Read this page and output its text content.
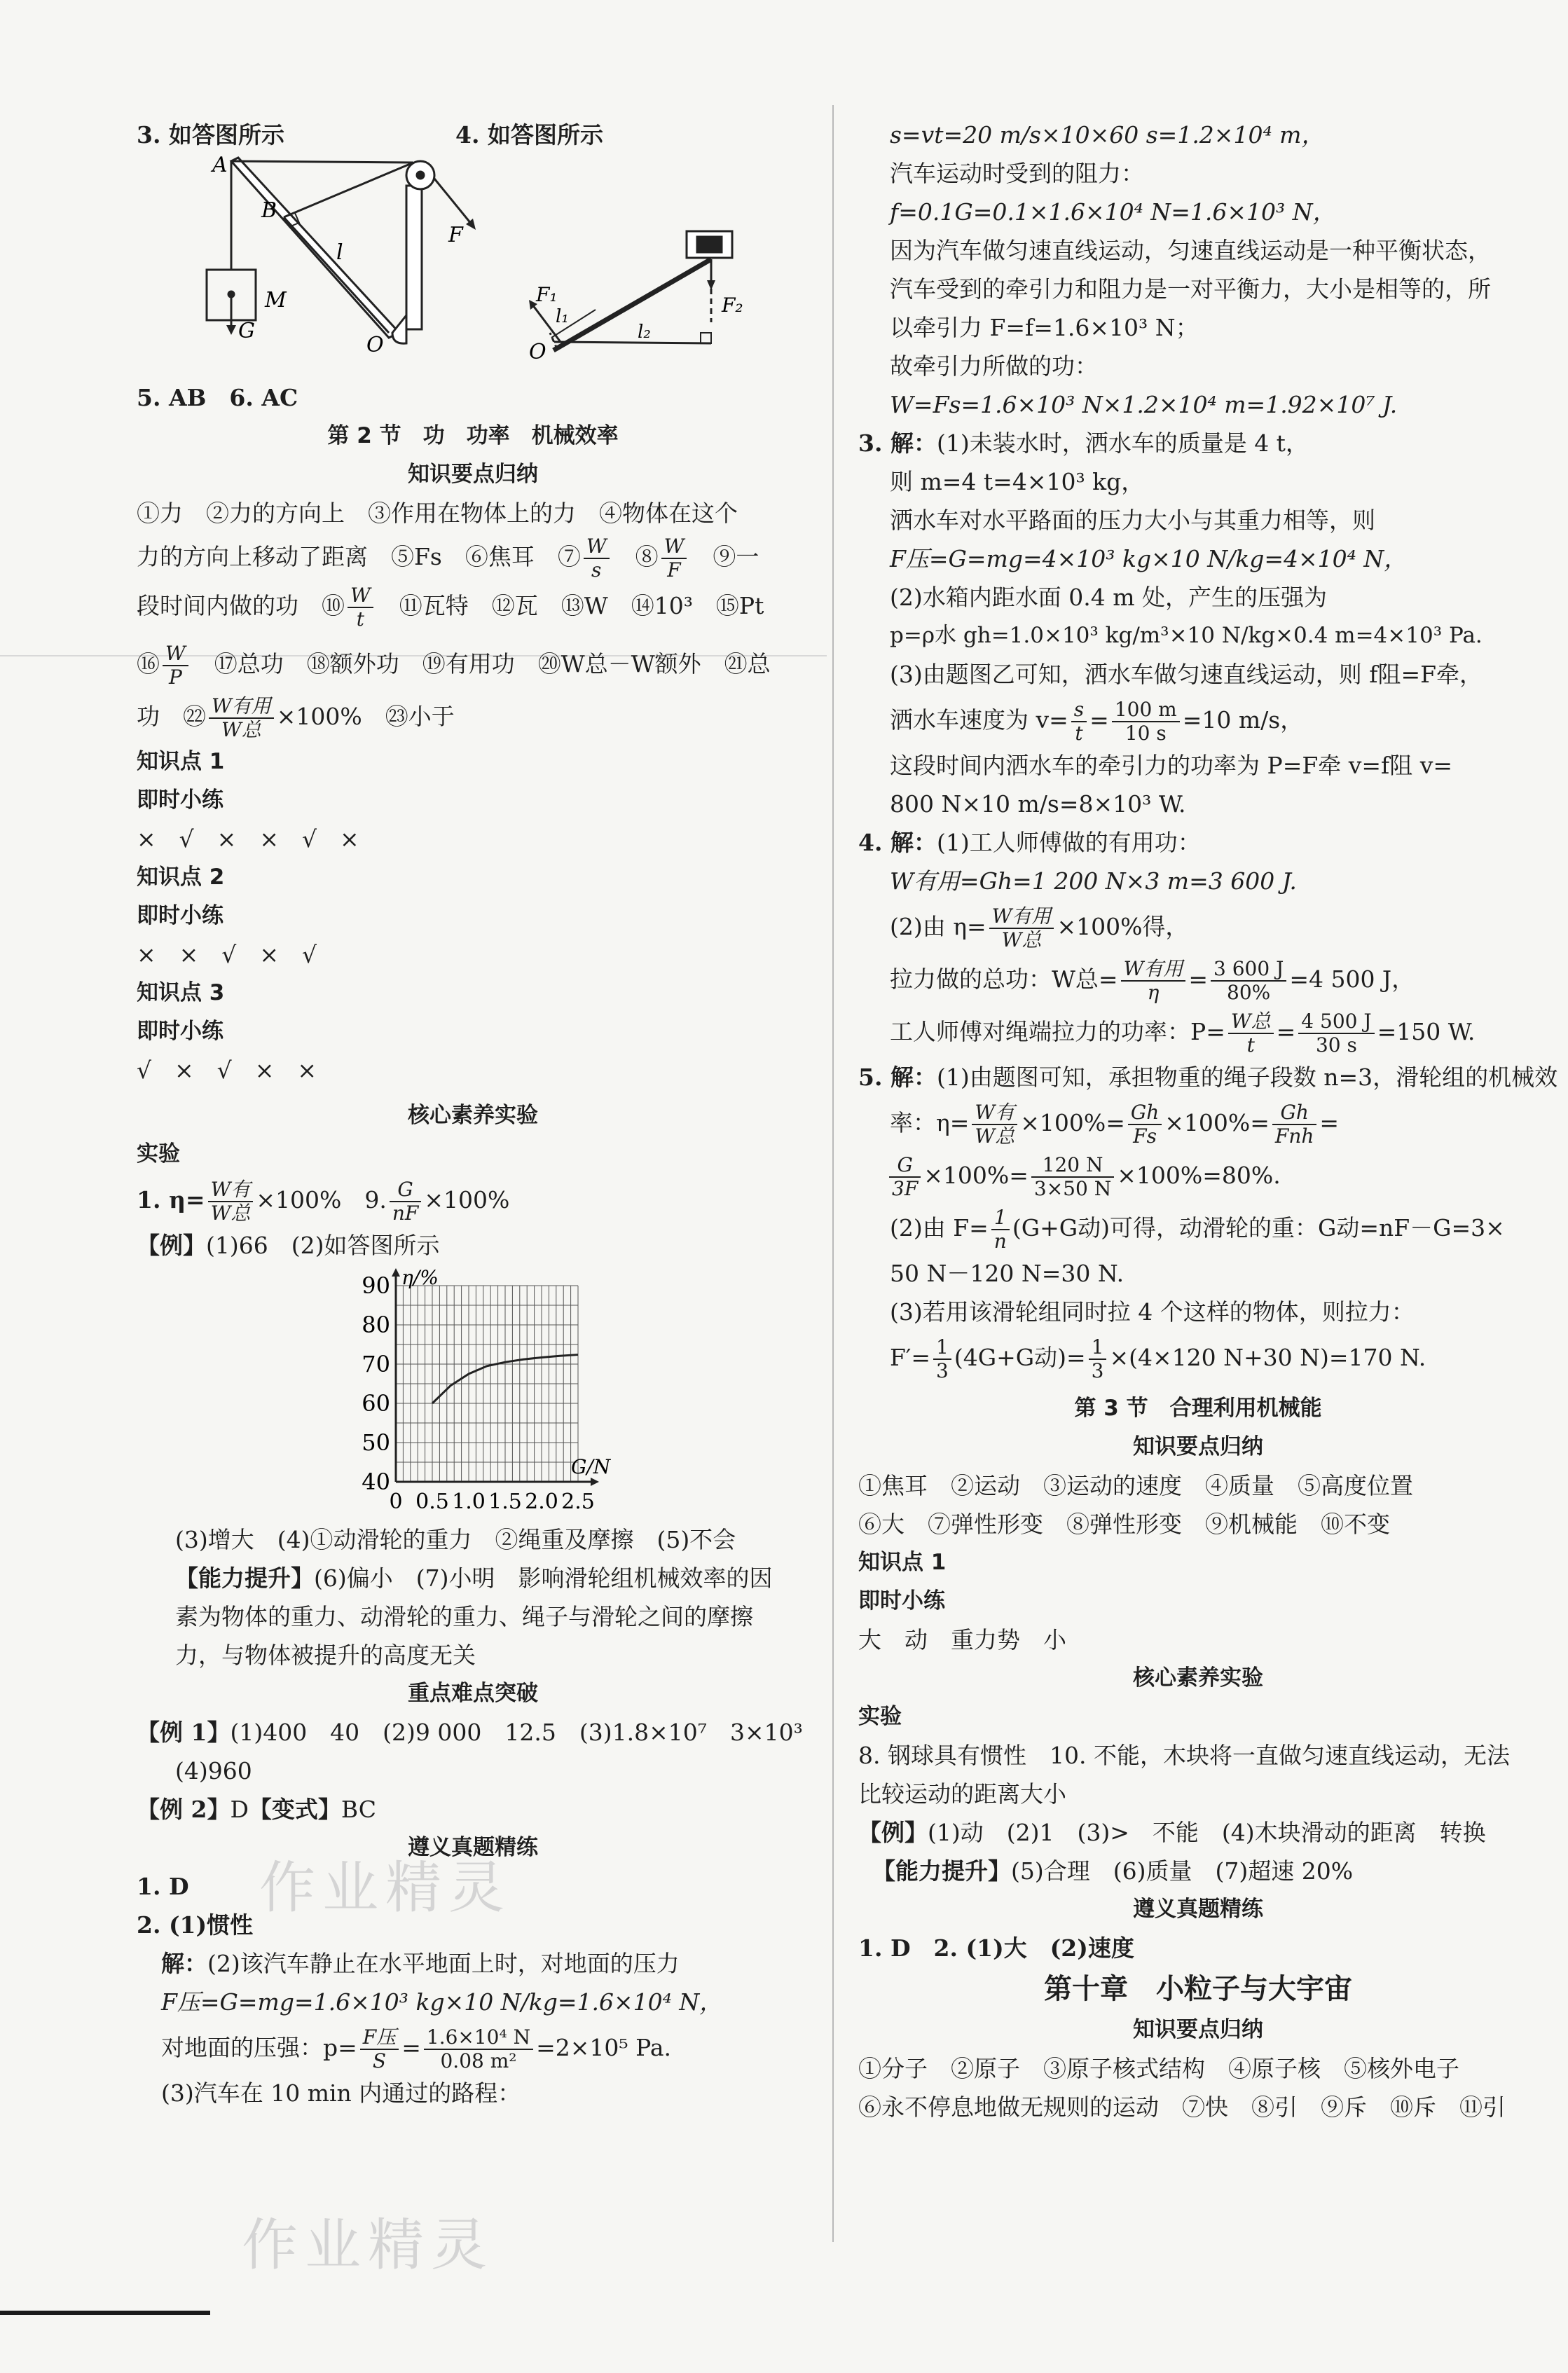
作业精灵
作业精灵
3. 如答图所示	4. 如答图所示
A
B
l
F
M
G
O
F₁	F₂
l₁
l₂
O
5. AB　6. AC
第 2 节　功　功率　机械效率
知识要点归纳
①力　②力的方向上　③作用在物体上的力　④物体在这个
力的方向上移动了距离　⑤Fs　⑥焦耳　⑦ $\frac{W}{s}$ 　⑧ $\frac{W}{F}$ 　⑨一
段时间内做的功　⑩ $\frac{W}{t}$ 　⑪瓦特　⑫瓦　⑬W　⑭10³　⑮Pt
⑯ $\frac{W}{P}$ 　⑰总功　⑱额外功　⑲有用功　⑳W总－W额外　㉑总
功　㉒ $\frac{\text{W有用}}{\text{W总}} \times 100\%$　㉓小于
知识点 1
即时小练
×　√　×　×　√　×
知识点 2
即时小练
×　×　√　×　√
知识点 3
即时小练
√　×　√　×　×
核心素养实验
实验
1. $\eta= \frac{\text{W有}}{\text{W总}} \times 100\%$　9. $\frac{G}{nF} \times 100\%$
【例】(1)66　(2)如答图所示
40
50
60
70
80
90
0 0.5 1.0 1.5 2.0 2.5
η/%
G/N
(3)增大　(4)①动滑轮的重力　②绳重及摩擦　(5)不会
【能力提升】(6)偏小　(7)小明　影响滑轮组机械效率的因
素为物体的重力、动滑轮的重力、绳子与滑轮之间的摩擦
力，与物体被提升的高度无关
重点难点突破
【例 1】(1)400　40　(2)9 000　12.5　(3)1.8×10⁷　3×10³
(4)960
【例 2】D【变式】BC
遵义真题精练
1. D
2. (1)惯性
解：(2)该汽车静止在水平地面上时，对地面的压力
F压=G=mg=1.6×10³ kg×10 N/kg=1.6×10⁴ N，
对地面的压强：$p= \frac{\text{F压}}{S} = \frac{\text{1.6×10⁴ N}}{\text{0.08 m²}} =2\times 10^5$ Pa.
(3)汽车在 10 min 内通过的路程：
s=vt=20 m/s×10×60 s=1.2×10⁴ m，
汽车运动时受到的阻力：
f=0.1G=0.1×1.6×10⁴ N=1.6×10³ N，
因为汽车做匀速直线运动，匀速直线运动是一种平衡状态，
汽车受到的牵引力和阻力是一对平衡力，大小是相等的，所
以牵引力 F=f=1.6×10³ N；
故牵引力所做的功：
W=Fs=1.6×10³ N×1.2×10⁴ m=1.92×10⁷ J.
3. 解：(1)未装水时，洒水车的质量是 4 t，
则 m=4 t=4×10³ kg，
洒水车对水平路面的压力大小与其重力相等，则
F压=G=mg=4×10³ kg×10 N/kg=4×10⁴ N，
(2)水箱内距水面 0.4 m 处，产生的压强为
p=ρ水 gh=1.0×10³ kg/m³×10 N/kg×0.4 m=4×10³ Pa.
(3)由题图乙可知，洒水车做匀速直线运动，则 f阻=F牵，
洒水车速度为 $v= \frac{s}{t} = \frac{100 m}{10 s} =10$ m/s，
这段时间内洒水车的牵引力的功率为 P=F牵 v=f阻 v=
800 N×10 m/s=8×10³ W.
4. 解：(1)工人师傅做的有用功：
W有用=Gh=1 200 N×3 m=3 600 J.
(2)由 $\eta= \frac{\text{W有用}}{\text{W总}} \times 100\%$得，
拉力做的总功：W总= $\frac{\text{W有用}}{\eta} = \frac{3 600 J}{80\%} =4$ 500 J，
工人师傅对绳端拉力的功率：$P= \frac{\text{W总}}{t} = \frac{4 500 J}{30 s} =150$ W.
5. 解：(1)由题图可知，承担物重的绳子段数 n=3，滑轮组的机械效
率：$\eta= \frac{\text{W有}}{\text{W总}} \times 100\%= \frac{Gh}{Fs} \times 100\%= \frac{Gh}{\text{Fnh}}$ =
$\frac{G}{3F} \times 100\%= \frac{120 N}{3\times 50 N} \times 100\%=80\%$.
(2)由 $F= \frac{1}{n} (G+G$动)可得，动滑轮的重：G动=nF－G=3×
50 N－120 N=30 N.
(3)若用该滑轮组同时拉 4 个这样的物体，则拉力：
$F'= \frac{1}{3} (4G+G$动)= $\frac{1}{3} \times(4\times 120$ N+30 N)=170 N.
第 3 节　合理利用机械能
知识要点归纳
①焦耳　②运动　③运动的速度　④质量　⑤高度位置
⑥大　⑦弹性形变　⑧弹性形变　⑨机械能　⑩不变
知识点 1
即时小练
大　动　重力势　小
核心素养实验
实验
8. 钢球具有惯性　10. 不能，木块将一直做匀速直线运动，无法
比较运动的距离大小
【例】(1)动　(2)1　(3)>　不能　(4)木块滑动的距离　转换
【能力提升】(5)合理　(6)质量　(7)超速 20%
遵义真题精练
1. D　2. (1)大　(2)速度
第十章　小粒子与大宇宙
知识要点归纳
①分子　②原子　③原子核式结构　④原子核　⑤核外电子
⑥永不停息地做无规则的运动　⑦快　⑧引　⑨斥　⑩斥　⑪引
